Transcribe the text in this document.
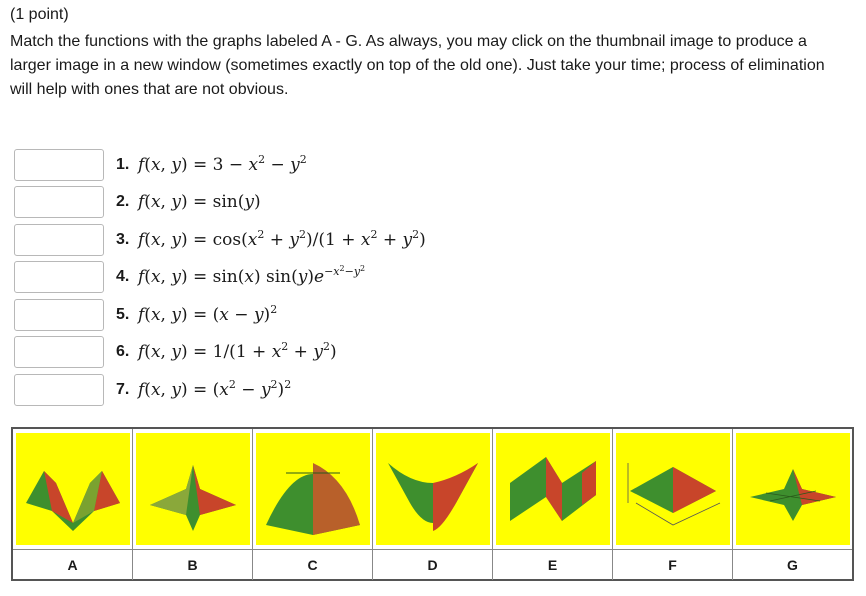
(1 point)
Match the functions with the graphs labeled A - G. As always, you may click on the thumbnail image to produce a larger image in a new window (sometimes exactly on top of the old one). Just take your time; process of elimination will help with ones that are not obvious.
1. f(x, $y) = 3 - x^2 - y^2$
2. f(x, y) = sin(y)
3. f(x, $y) = \cos(x^2 + y^2)/(1 + x^2 + y^2)$
4. f(x, y) = sin(x) $\sin(y)e^{-x^2-y^2}$
5. f(x, $y) = (x - y)^2$
6. f(x, $y) = 1/(1 + x^2 + y^2)$
7. f(x, $y) = (x^2 - y^2)^2$
A	B	C	D	E	F	G
